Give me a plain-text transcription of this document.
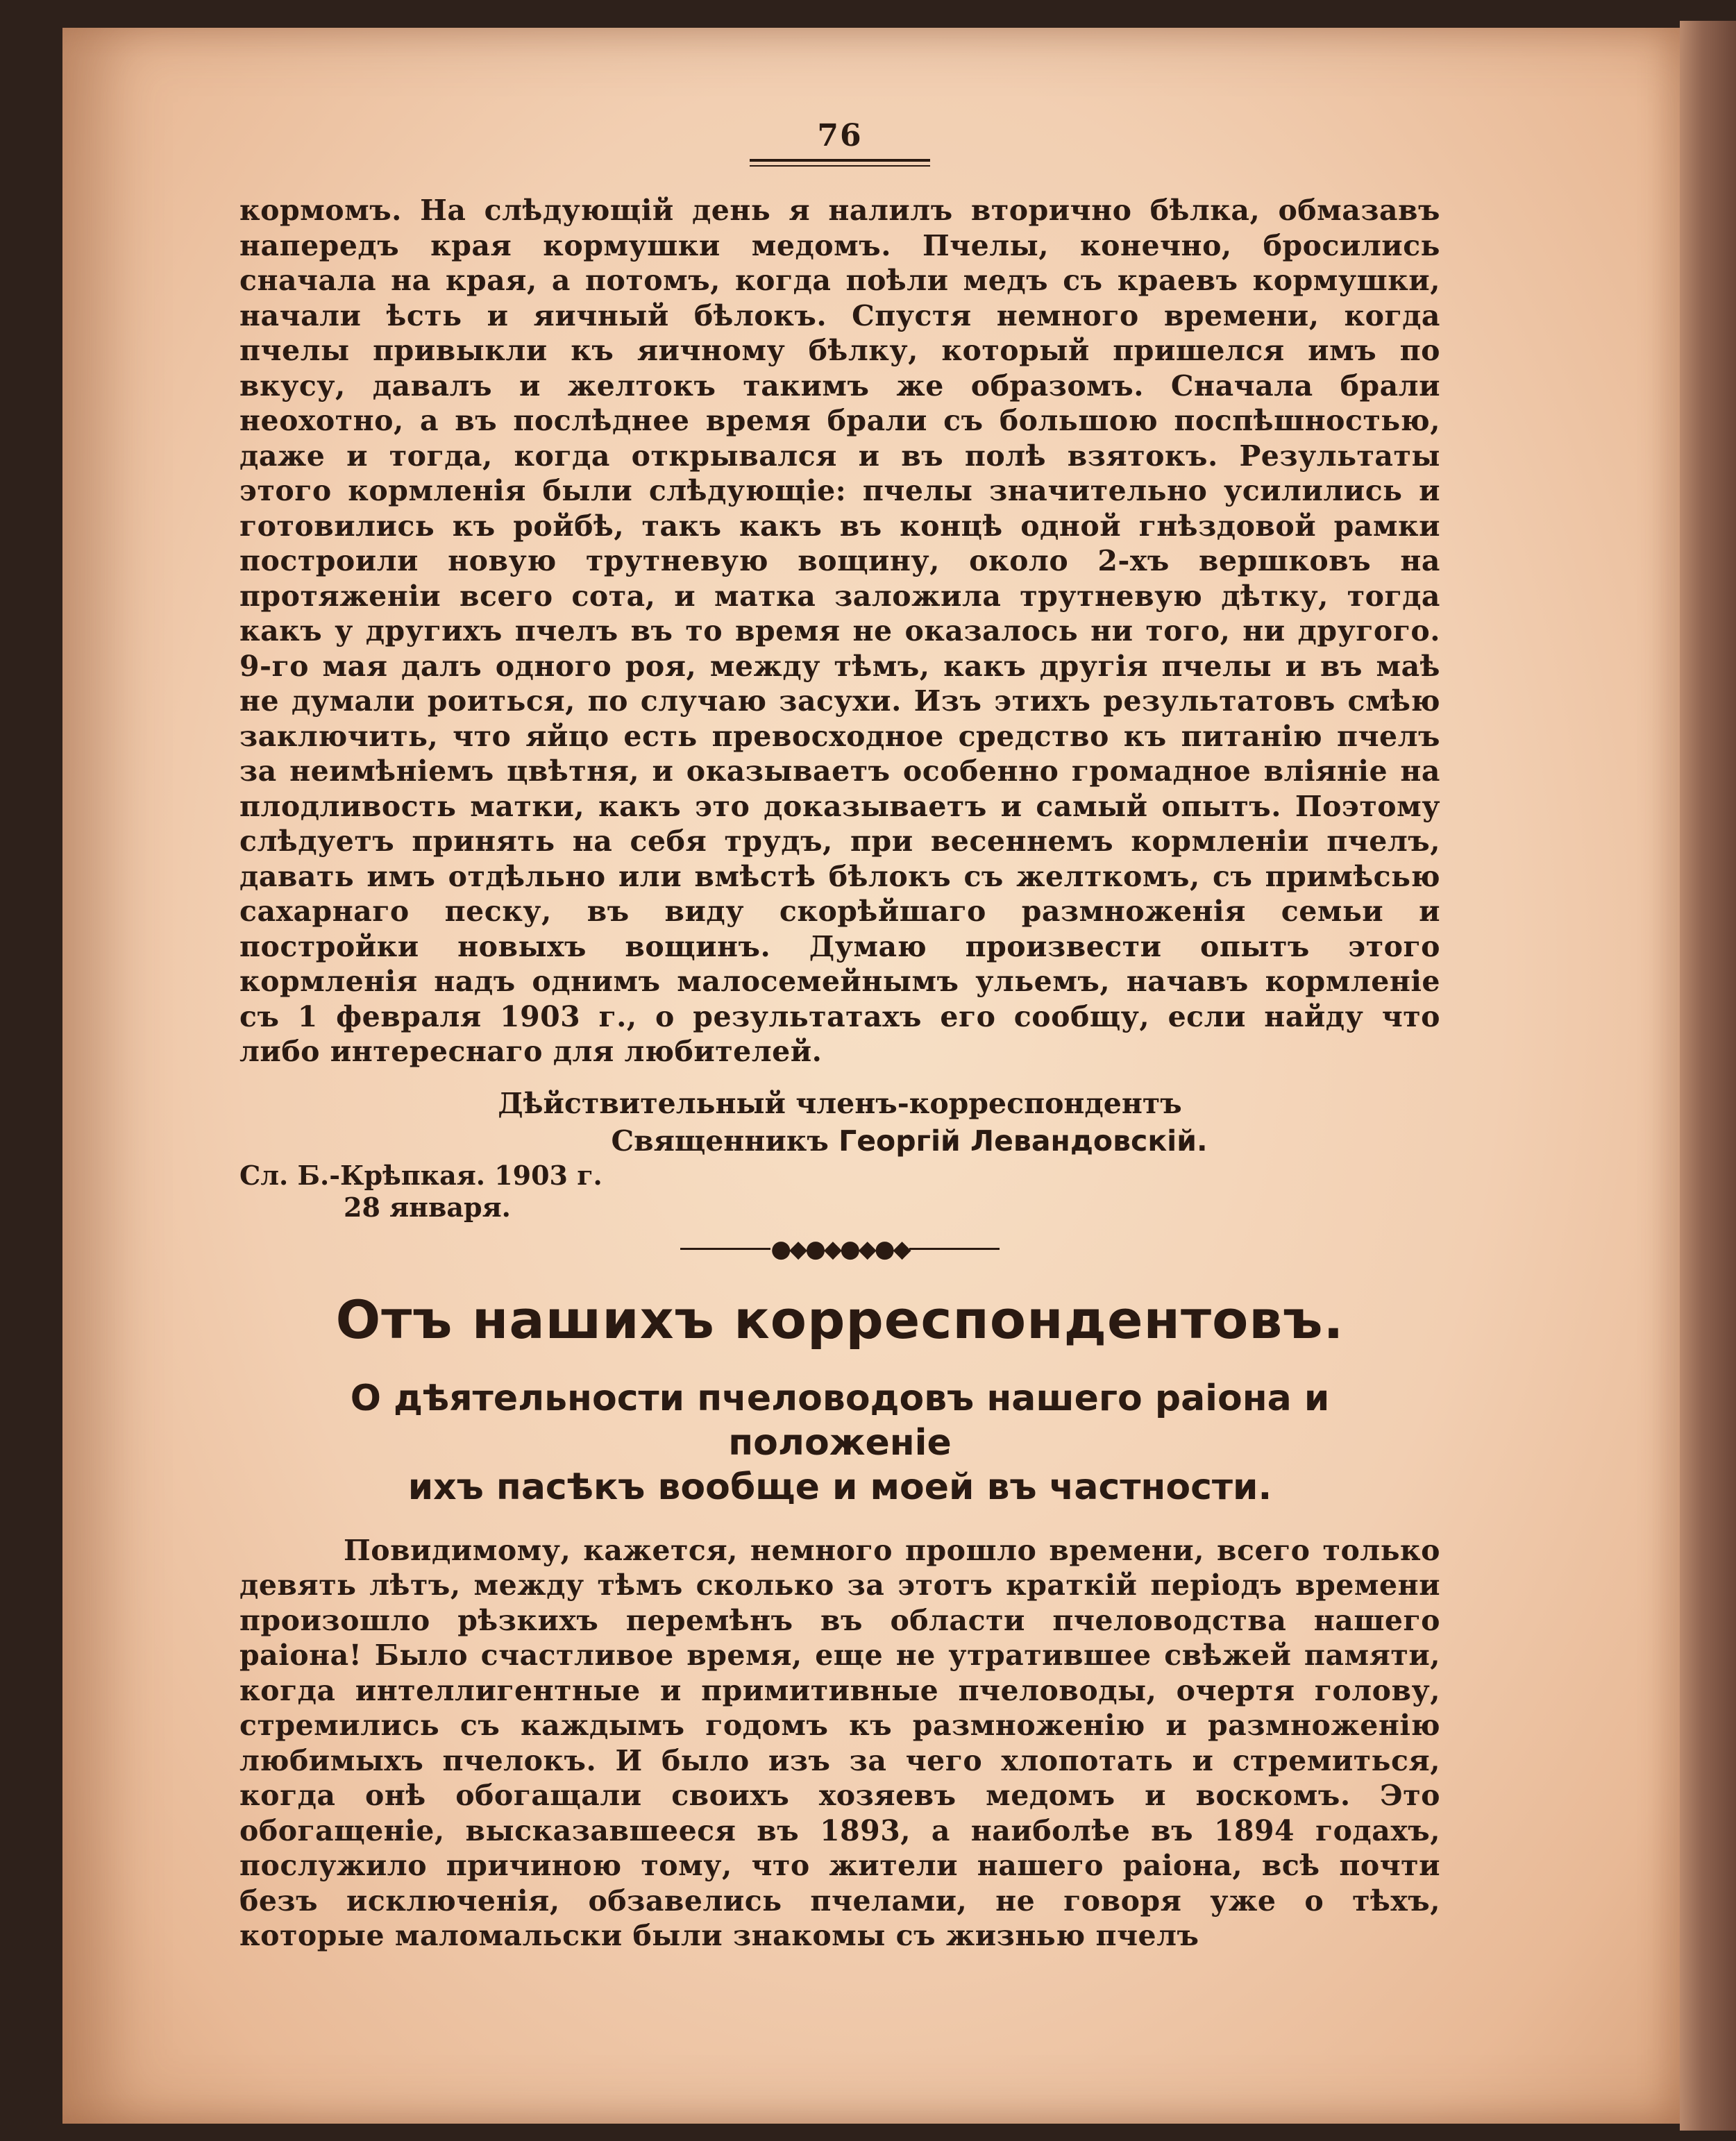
76

кормомъ. На слѣдующій день я налилъ вторично бѣлка, обмазавъ напередъ края кормушки медомъ. Пчелы, конечно, бросились сначала на края, а потомъ, когда поѣли медъ съ краевъ кормушки, начали ѣсть и яичный бѣлокъ. Спустя немного времени, когда пчелы привыкли къ яичному бѣлку, который пришелся имъ по вкусу, давалъ и желтокъ такимъ же образомъ. Сначала брали неохотно, а въ послѣднее время брали съ большою поспѣшностью, даже и тогда, когда открывался и въ полѣ взятокъ. Результаты этого кормленія были слѣдующіе: пчелы значительно усилились и готовились къ ройбѣ, такъ какъ въ концѣ одной гнѣздовой рамки построили новую трутневую вощину, около 2-хъ вершковъ на протяженіи всего сота, и матка заложила трутневую дѣтку, тогда какъ у другихъ пчелъ въ то время не оказалось ни того, ни другого. 9-го мая далъ одного роя, между тѣмъ, какъ другія пчелы и въ маѣ не думали роиться, по случаю засухи. Изъ этихъ результатовъ смѣю заключить, что яйцо есть превосходное средство къ питанію пчелъ за неимѣніемъ цвѣтня, и оказываетъ особенно громадное вліяніе на плодливость матки, какъ это доказываетъ и самый опытъ. Поэтому слѣдуетъ принять на себя трудъ, при весеннемъ кормленіи пчелъ, давать имъ отдѣльно или вмѣстѣ бѣлокъ съ желткомъ, съ примѣсью сахарнаго песку, въ виду скорѣйшаго размноженія семьи и постройки новыхъ вощинъ. Думаю произвести опытъ этого кормленія надъ однимъ малосемейнымъ ульемъ, начавъ кормленіе съ 1 февраля 1903 г., о результатахъ его сообщу, если найду что либо интереснаго для любителей.

Дѣйствительный членъ-корреспондентъ
Священникъ Георгій Левандовскій.

Сл. Б.-Крѣпкая. 1903 г.
28 января.

●◆●◆●◆●◆
Отъ нашихъ корреспондентовъ.
О дѣятельности пчеловодовъ нашего раіона и положеніе
ихъ пасѣкъ вообще и моей въ частности.

Повидимому, кажется, немного прошло времени, всего только девять лѣтъ, между тѣмъ сколько за этотъ краткій періодъ времени произошло рѣзкихъ перемѣнъ въ области пчеловодства нашего раіона! Было счастливое время, еще не утратившее свѣжей памяти, когда интеллигентные и примитивные пчеловоды, очертя голову, стремились съ каждымъ годомъ къ размноженію и размноженію любимыхъ пчелокъ. И было изъ за чего хлопотать и стремиться, когда онѣ обогащали своихъ хозяевъ медомъ и воскомъ. Это обогащеніе, высказавшееся въ 1893, а наиболѣе въ 1894 годахъ, послужило причиною тому, что жители нашего раіона, всѣ почти безъ исключенія, обзавелись пчелами, не говоря уже о тѣхъ, которые маломальски были знакомы съ жизнью пчелъ
